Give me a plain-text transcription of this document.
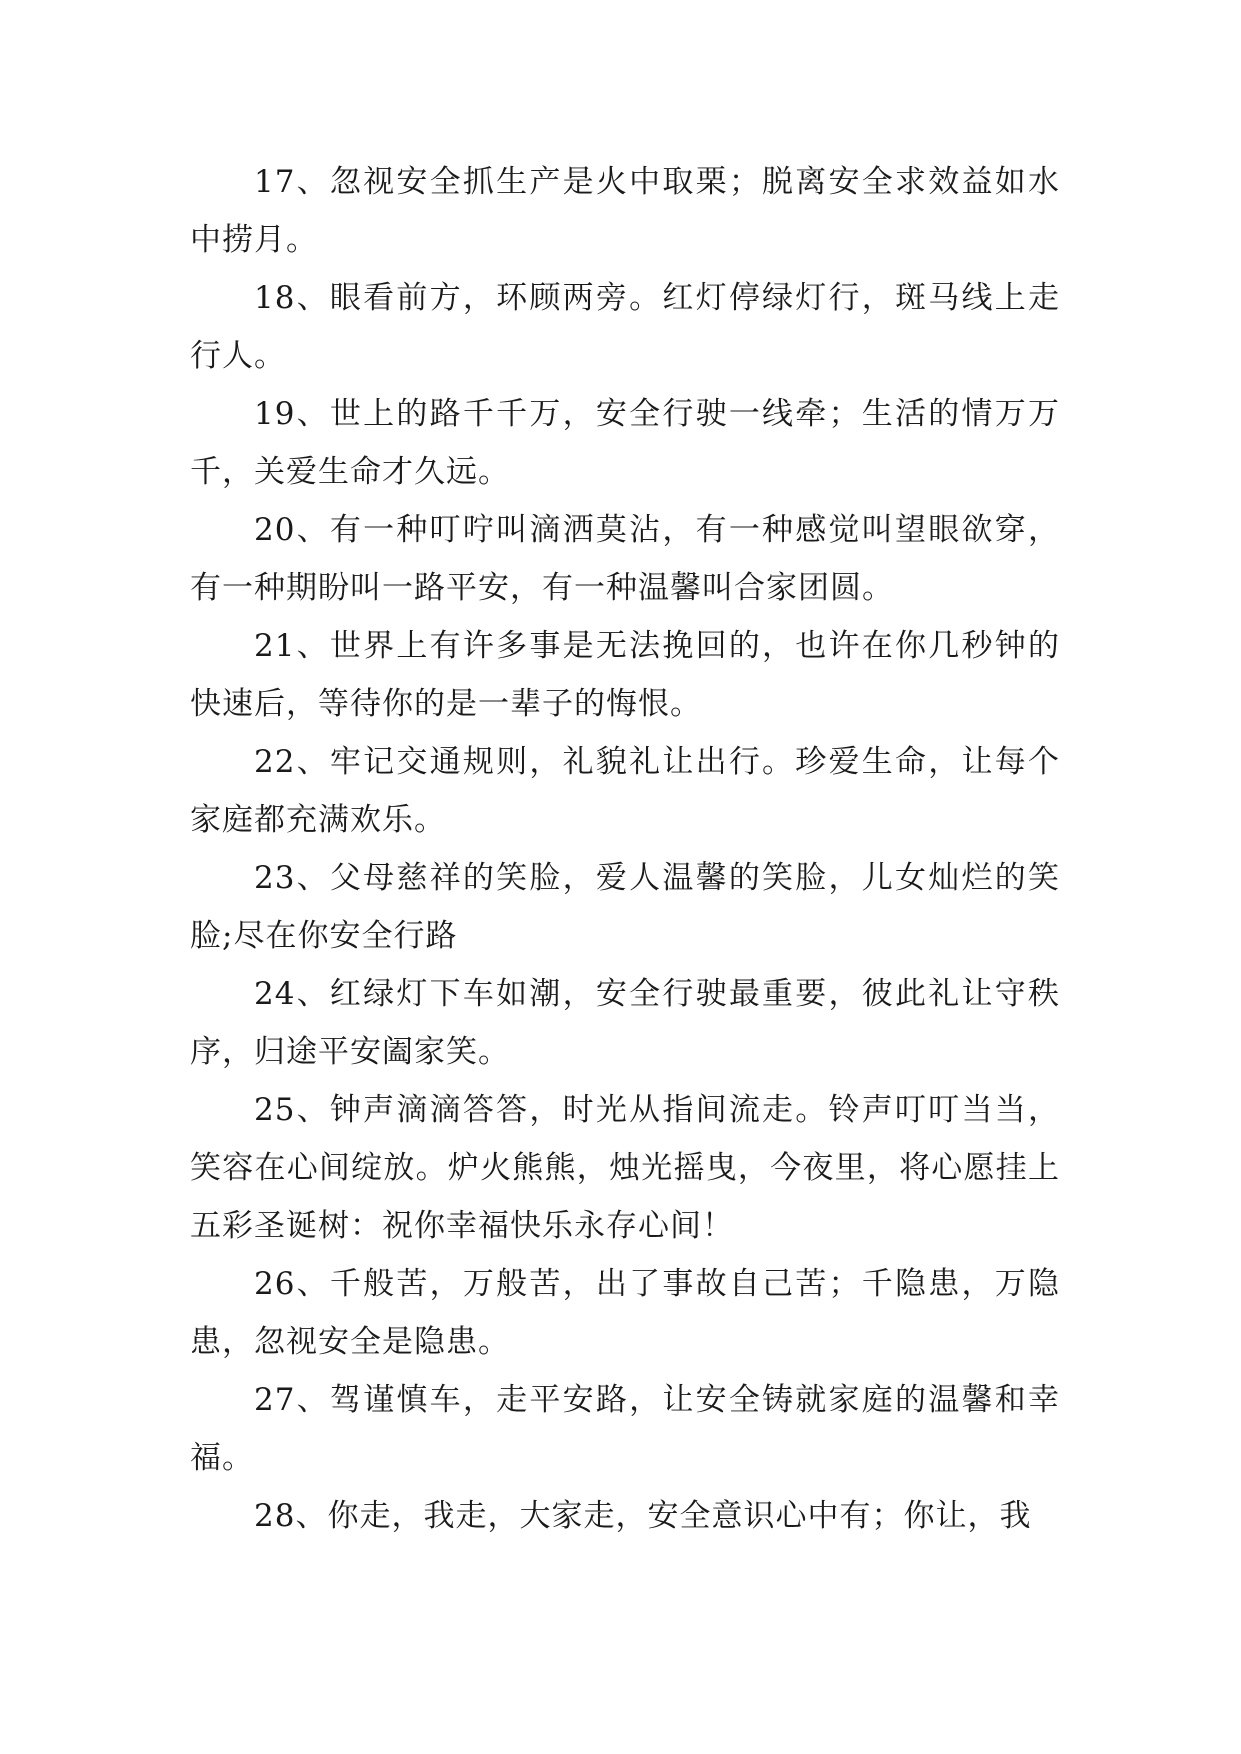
17、忽视安全抓生产是火中取栗；脱离安全求效益如水中捞月。

18、眼看前方，环顾两旁。红灯停绿灯行，斑马线上走行人。

19、世上的路千千万，安全行驶一线牵；生活的情万万千，关爱生命才久远。

20、有一种叮咛叫滴洒莫沾，有一种感觉叫望眼欲穿，有一种期盼叫一路平安，有一种温馨叫合家团圆。

21、世界上有许多事是无法挽回的，也许在你几秒钟的快速后，等待你的是一辈子的悔恨。

22、牢记交通规则，礼貌礼让出行。珍爱生命，让每个家庭都充满欢乐。

23、父母慈祥的笑脸，爱人温馨的笑脸，儿女灿烂的笑脸;尽在你安全行路

24、红绿灯下车如潮，安全行驶最重要，彼此礼让守秩序，归途平安阖家笑。

25、钟声滴滴答答，时光从指间流走。铃声叮叮当当，笑容在心间绽放。炉火熊熊，烛光摇曳，今夜里，将心愿挂上五彩圣诞树：祝你幸福快乐永存心间！

26、千般苦，万般苦，出了事故自己苦；千隐患，万隐患，忽视安全是隐患。

27、驾谨慎车，走平安路，让安全铸就家庭的温馨和幸福。

28、你走，我走，大家走，安全意识心中有；你让，我
